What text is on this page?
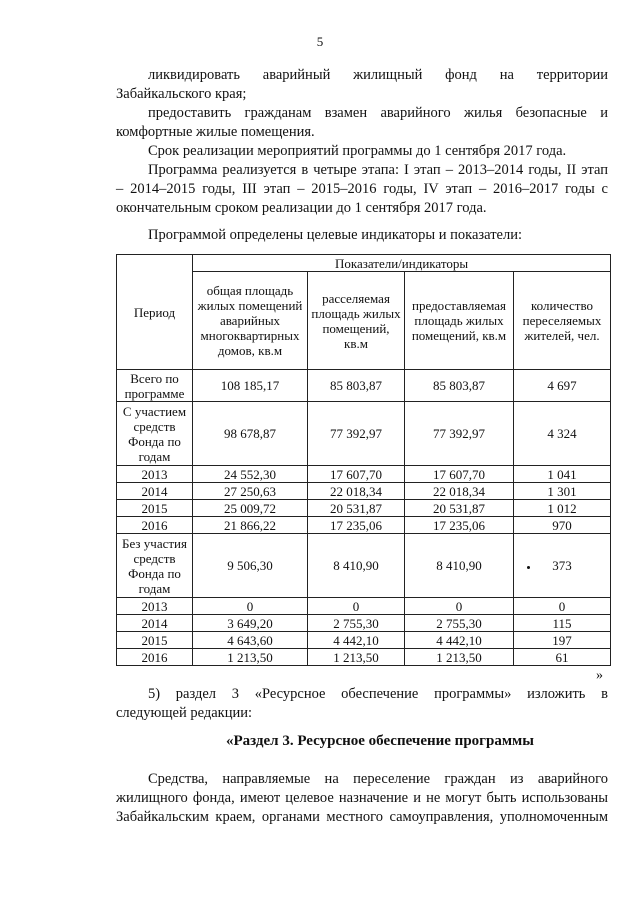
5
ликвидировать аварийный жилищный фонд на территории
Забайкальского края;
предоставить гражданам взамен аварийного жилья безопасные и
комфортные жилые помещения.
Срок реализации мероприятий программы до 1 сентября 2017 года.
Программа реализуется в четыре этапа: I этап – 2013–2014 годы, II этап
– 2014–2015 годы, III этап – 2015–2016 годы, IV этап – 2016–2017 годы с
окончательным сроком реализации до 1 сентября 2017 года.
Программой определены целевые индикаторы и показатели:
Период	Показатели/индикаторы			
	общая площадь жилых помещений аварийных многоквартирных домов, кв.м	расселяемая площадь жилых помещений, кв.м	предоставляемая площадь жилых помещений, кв.м	количество переселяемых жителей, чел.
Всего по программе	108 185,17	85 803,87	85 803,87	4 697
С участием средств Фонда по годам	98 678,87	77 392,97	77 392,97	4 324
2013	24 552,30	17 607,70	17 607,70	1 041
2014	27 250,63	22 018,34	22 018,34	1 301
2015	25 009,72	20 531,87	20 531,87	1 012
2016	21 866,22	17 235,06	17 235,06	970
Без участия средств Фонда по годам	9 506,30	8 410,90	8 410,90	373
2013	0	0	0	0
2014	3 649,20	2 755,30	2 755,30	115
2015	4 643,60	4 442,10	4 442,10	197
2016	1 213,50	1 213,50	1 213,50	61
»
5) раздел 3 «Ресурсное обеспечение программы» изложить в
следующей редакции:
«Раздел 3. Ресурсное обеспечение программы
Средства, направляемые на переселение граждан из аварийного
жилищного фонда, имеют целевое назначение и не могут быть использованы
Забайкальским краем, органами местного самоуправления, уполномоченным
